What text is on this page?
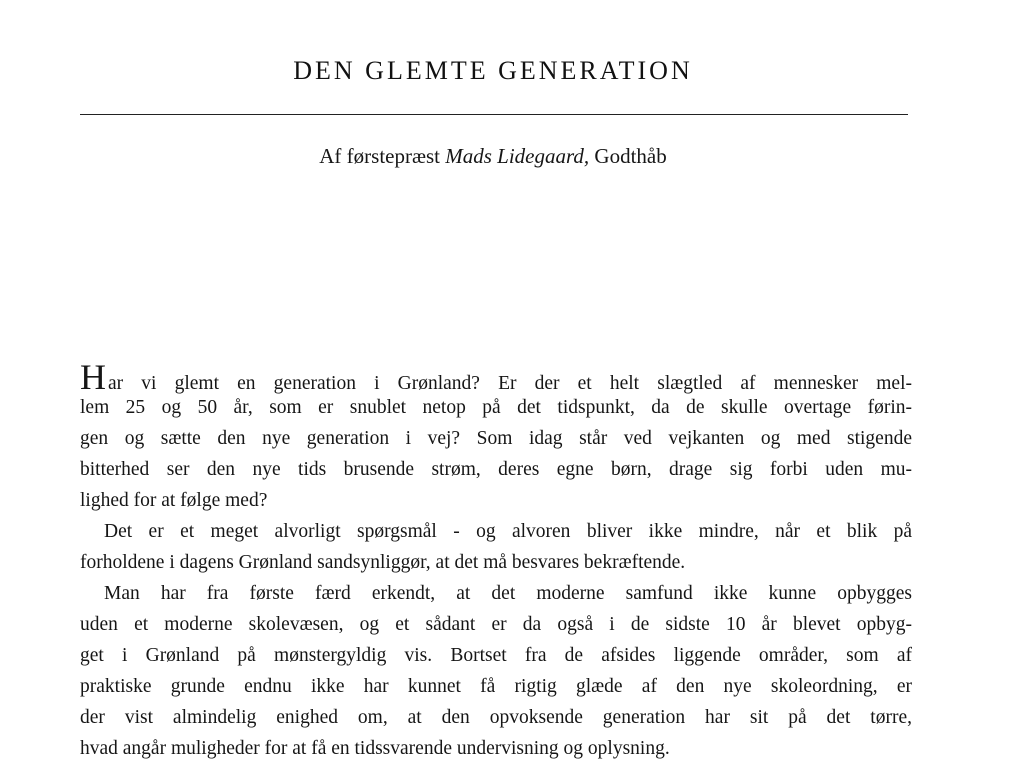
DEN GLEMTE GENERATION
Af førstepræst Mads Lidegaard, Godthåb
Har vi glemt en generation i Grønland? Er der et helt slægtled af mennesker mel-
lem 25 og 50 år, som er snublet netop på det tidspunkt, da de skulle overtage førin-
gen og sætte den nye generation i vej? Som idag står ved vejkanten og med stigende
bitterhed ser den nye tids brusende strøm, deres egne børn, drage sig forbi uden mu-
lighed for at følge med?
Det er et meget alvorligt spørgsmål - og alvoren bliver ikke mindre, når et blik på
forholdene i dagens Grønland sandsynliggør, at det må besvares bekræftende.
Man har fra første færd erkendt, at det moderne samfund ikke kunne opbygges
uden et moderne skolevæsen, og et sådant er da også i de sidste 10 år blevet opbyg-
get i Grønland på mønstergyldig vis. Bortset fra de afsides liggende områder, som af
praktiske grunde endnu ikke har kunnet få rigtig glæde af den nye skoleordning, er
der vist almindelig enighed om, at den opvoksende generation har sit på det tørre,
hvad angår muligheder for at få en tidssvarende undervisning og oplysning.
